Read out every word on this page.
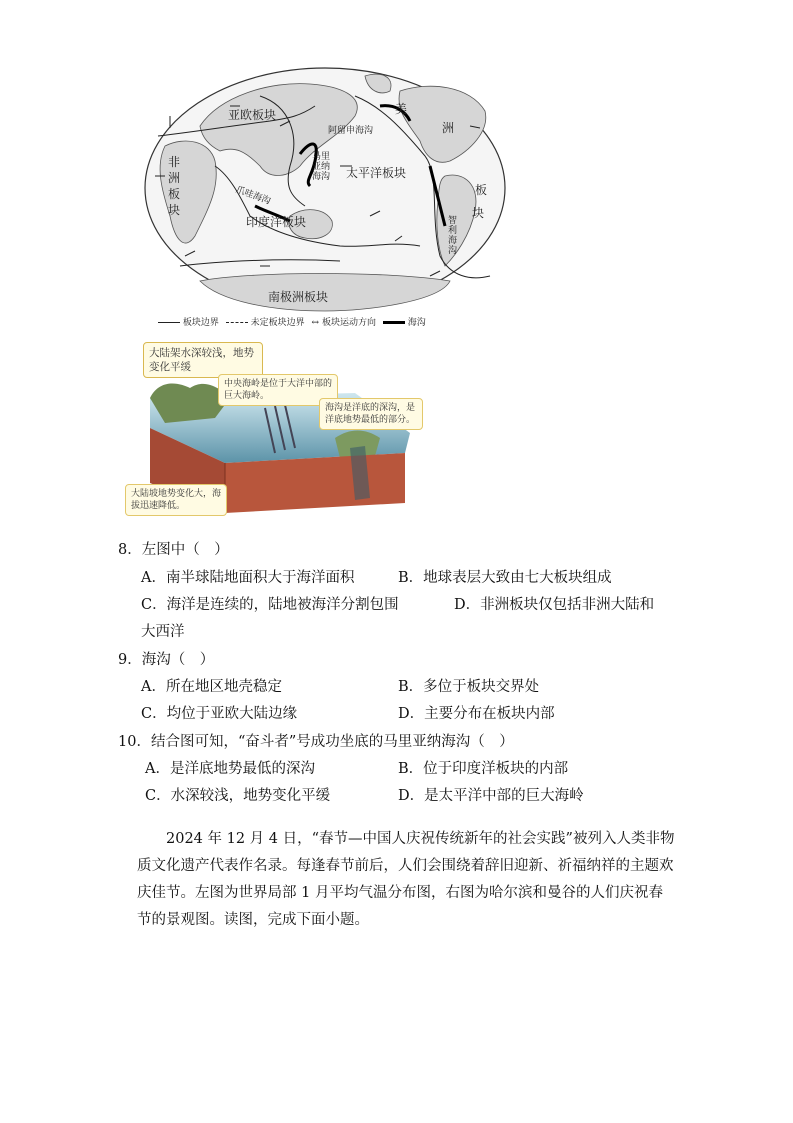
亚欧板块	美
洲
板
块
阿留申海沟
马里亚纳海沟	太平洋板块
非洲板块
爪哇海沟
印度洋板块	智利海沟
南极洲板块
板块边界	未定板块边界 ↔ 板块运动方向	海沟
大陆架水深较浅，地势变化平缓
中央海岭是位于大洋中部的巨大海岭。
海沟是洋底的深沟，是洋底地势最低的部分。
大陆坡地势变化大，海拔迅速降低。
8．左图中（　）
A．南半球陆地面积大于海洋面积	B．地球表层大致由七大板块组成
C．海洋是连续的，陆地被海洋分割包围	D．非洲板块仅包括非洲大陆和
大西洋
9．海沟（　）
A．所在地区地壳稳定	B．多位于板块交界处
C．均位于亚欧大陆边缘	D．主要分布在板块内部
10．结合图可知，“奋斗者”号成功坐底的马里亚纳海沟（　）
A．是洋底地势最低的深沟	B．位于印度洋板块的内部
C．水深较浅，地势变化平缓	D．是太平洋中部的巨大海岭

2024 年 12 月 4 日，“春节—中国人庆祝传统新年的社会实践”被列入人类非物质文化遗产代表作名录。每逢春节前后，人们会围绕着辞旧迎新、祈福纳祥的主题欢庆佳节。左图为世界局部 1 月平均气温分布图，右图为哈尔滨和曼谷的人们庆祝春节的景观图。读图，完成下面小题。
